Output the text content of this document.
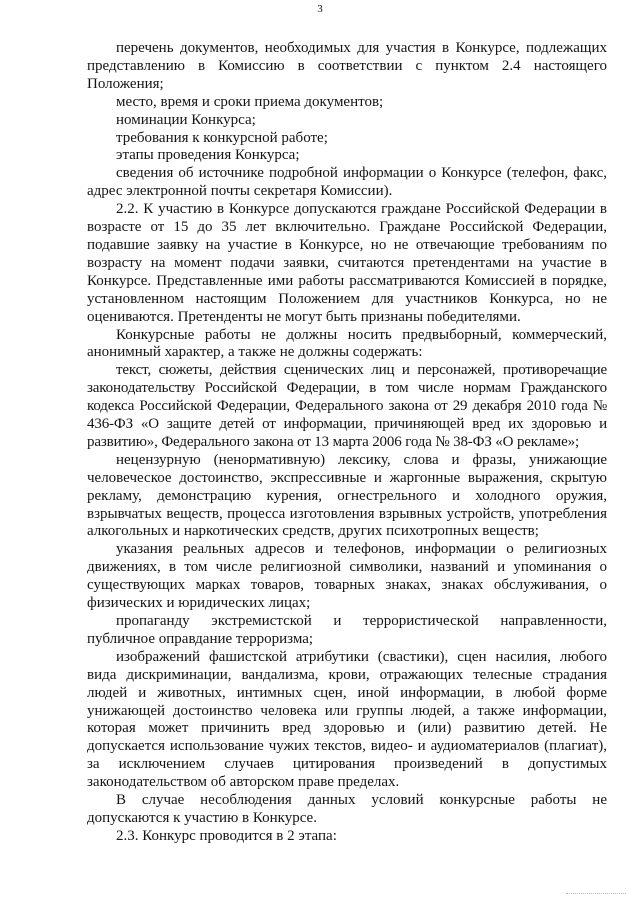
3

перечень документов, необходимых для участия в Конкурсе, подлежащих представлению в Комиссию в соответствии с пунктом 2.4 настоящего Положения;

место, время и сроки приема документов;

номинации Конкурса;

требования к конкурсной работе;

этапы проведения Конкурса;

сведения об источнике подробной информации о Конкурсе (телефон, факс, адрес электронной почты секретаря Комиссии).

2.2. К участию в Конкурсе допускаются граждане Российской Федерации в возрасте от 15 до 35 лет включительно. Граждане Российской Федерации, подавшие заявку на участие в Конкурсе, но не отвечающие требованиям по возрасту на момент подачи заявки, считаются претендентами на участие в Конкурсе. Представленные ими работы рассматриваются Комиссией в порядке, установленном настоящим Положением для участников Конкурса, но не оцениваются. Претенденты не могут быть признаны победителями.

Конкурсные работы не должны носить предвыборный, коммерческий, анонимный характер, а также не должны содержать:

текст, сюжеты, действия сценических лиц и персонажей, противоречащие законодательству Российской Федерации, в том числе нормам Гражданского кодекса Российской Федерации, Федерального закона от 29 декабря 2010 года № 436-ФЗ «О защите детей от информации, причиняющей вред их здоровью и развитию», Федерального закона от 13 марта 2006 года № 38-ФЗ «О рекламе»;

нецензурную (ненормативную) лексику, слова и фразы, унижающие человеческое достоинство, экспрессивные и жаргонные выражения, скрытую рекламу, демонстрацию курения, огнестрельного и холодного оружия, взрывчатых веществ, процесса изготовления взрывных устройств, употребления алкогольных и наркотических средств, других психотропных веществ;

указания реальных адресов и телефонов, информации о религиозных движениях, в том числе религиозной символики, названий и упоминания о существующих марках товаров, товарных знаках, знаках обслуживания, о физических и юридических лицах;

пропаганду экстремистской и террористической направленности, публичное оправдание терроризма;

изображений фашистской атрибутики (свастики), сцен насилия, любого вида дискриминации, вандализма, крови, отражающих телесные страдания людей и животных, интимных сцен, иной информации, в любой форме унижающей достоинство человека или группы людей, а также информации, которая может причинить вред здоровью и (или) развитию детей. Не допускается использование чужих текстов, видео- и аудиоматериалов (плагиат), за исключением случаев цитирования произведений в допустимых законодательством об авторском праве пределах.

В случае несоблюдения данных условий конкурсные работы не допускаются к участию в Конкурсе.

2.3. Конкурс проводится в 2 этапа:
